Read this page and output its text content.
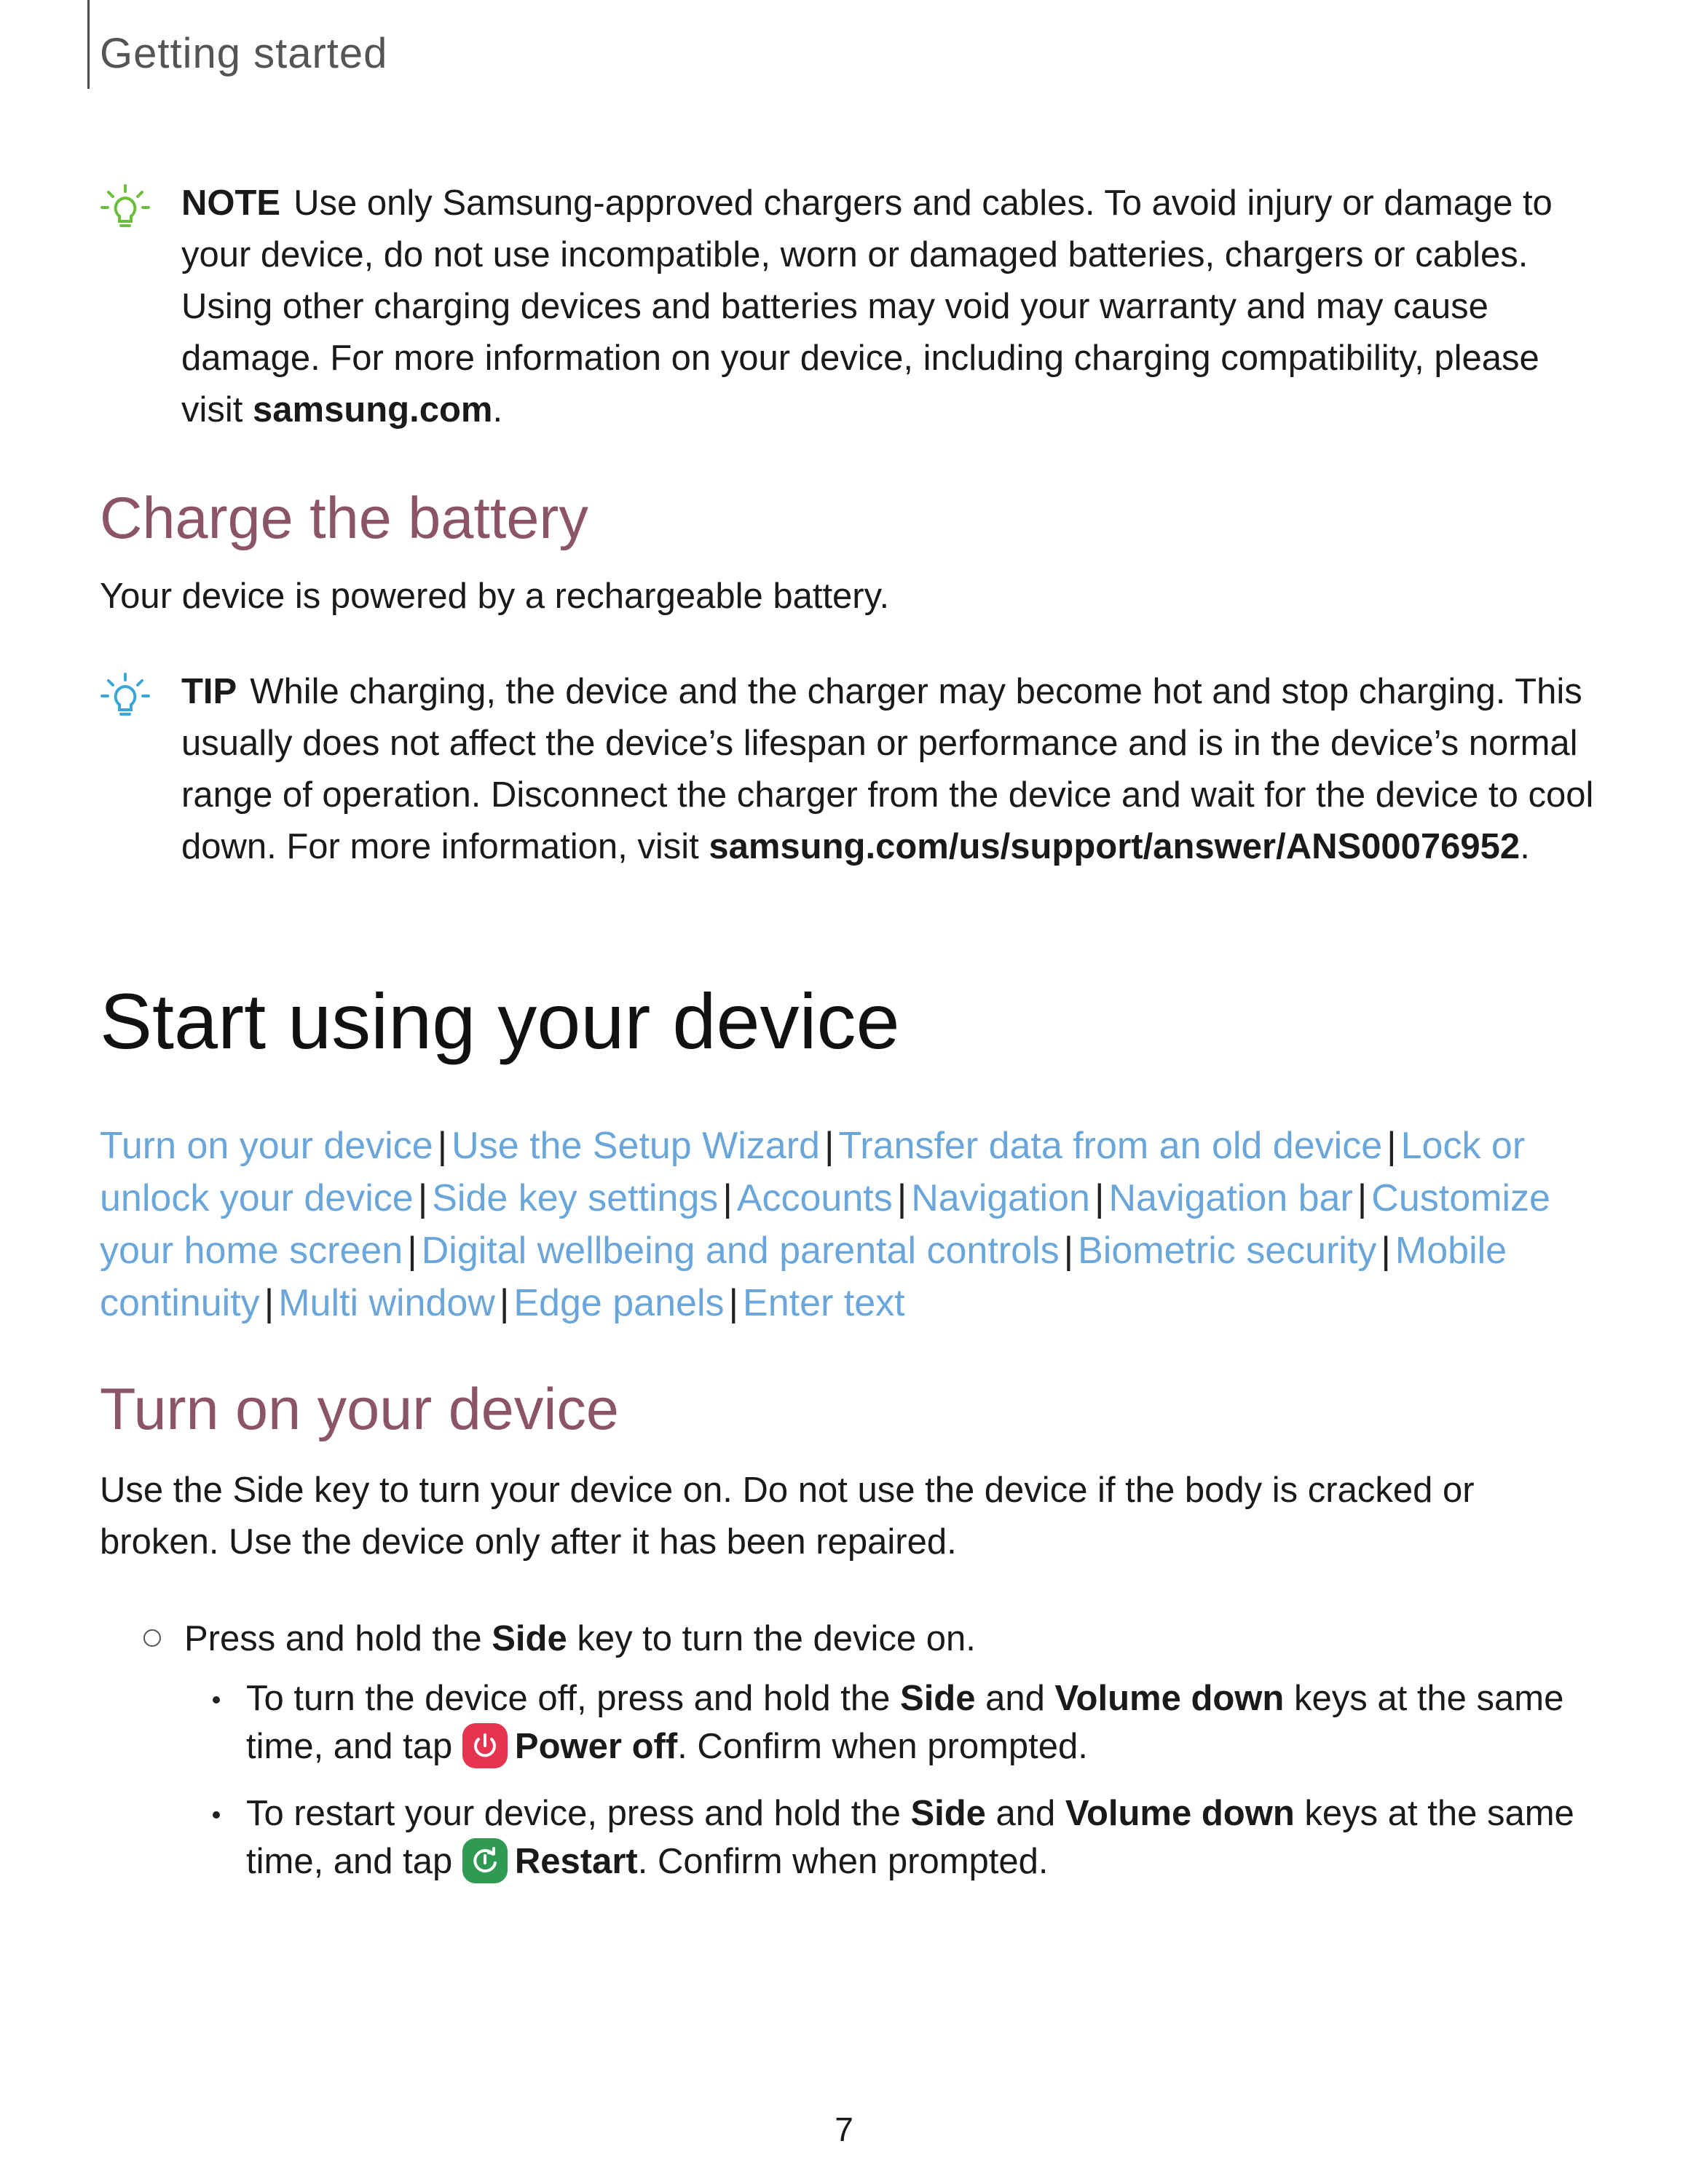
Getting started
NOTE Use only Samsung-approved chargers and cables. To avoid injury or damage to your device, do not use incompatible, worn or damaged batteries, chargers or cables. Using other charging devices and batteries may void your warranty and may cause damage. For more information on your device, including charging compatibility, please visit samsung.com.
Charge the battery
Your device is powered by a rechargeable battery.
TIP While charging, the device and the charger may become hot and stop charging. This usually does not affect the device’s lifespan or performance and is in the device’s normal range of operation. Disconnect the charger from the device and wait for the device to cool down. For more information, visit samsung.com/us/support/answer/ANS00076952.
Start using your device
Turn on your device | Use the Setup Wizard | Transfer data from an old device | Lock or unlock your device | Side key settings | Accounts | Navigation | Navigation bar | Customize your home screen | Digital wellbeing and parental controls | Biometric security | Mobile continuity | Multi window | Edge panels | Enter text
Turn on your device
Use the Side key to turn your device on. Do not use the device if the body is cracked or broken. Use the device only after it has been repaired.
Press and hold the Side key to turn the device on.
To turn the device off, press and hold the Side and Volume down keys at the same time, and tap
Power off. Confirm when prompted.
To restart your device, press and hold the Side and Volume down keys at the same time, and tap
Restart. Confirm when prompted.
7
